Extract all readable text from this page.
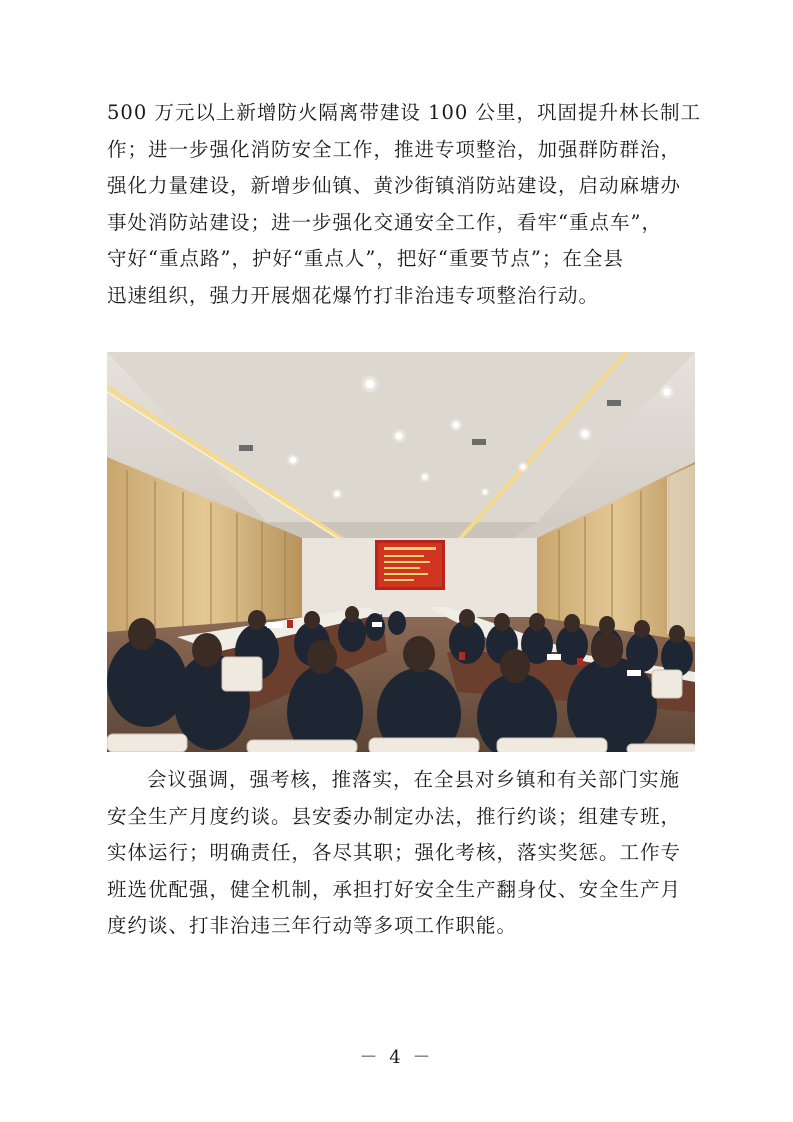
500 万元以上新增防火隔离带建设 100 公里，巩固提升林长制工
作；进一步强化消防安全工作，推进专项整治，加强群防群治，
强化力量建设，新增步仙镇、黄沙街镇消防站建设，启动麻塘办
事处消防站建设；进一步强化交通安全工作，看牢“重点车”，
守好“重点路”，护好“重点人”，把好“重要节点”；在全县
迅速组织，强力开展烟花爆竹打非治违专项整治行动。

会议强调，强考核，推落实，在全县对乡镇和有关部门实施
安全生产月度约谈。县安委办制定办法，推行约谈；组建专班，
实体运行；明确责任，各尽其职；强化考核，落实奖惩。工作专
班选优配强，健全机制，承担打好安全生产翻身仗、安全生产月
度约谈、打非治违三年行动等多项工作职能。

－ 4 －
